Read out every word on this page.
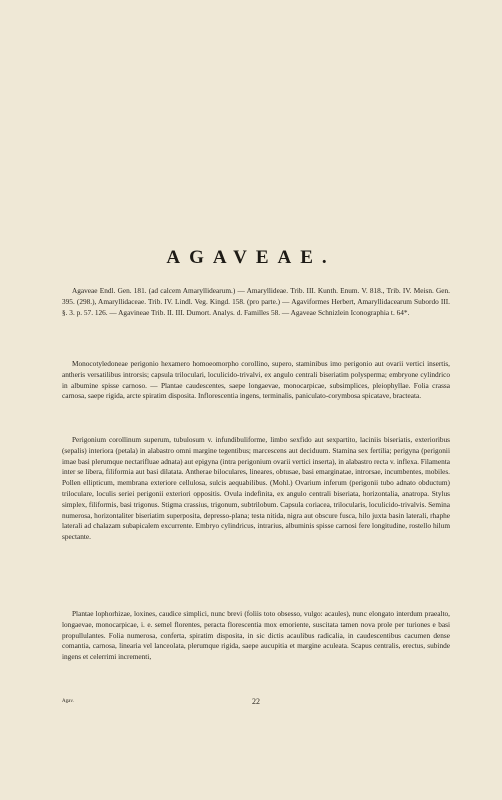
AGAVEAE.
Agaveae Endl. Gen. 181. (ad calcem Amaryllidearum.) — Amaryllideae. Trib. III. Kunth. Enum. V. 818., Trib. IV. Meisn. Gen. 395. (298.), Amaryllidaceae. Trib. IV. Lindl. Veg. Kingd. 158. (pro parte.) — Agaviformes Herbert, Amaryllidacearum Subordo III. §. 3. p. 57. 126. — Agavineae Trib. II. III. Dumort. Analys. d. Familles 58. — Agaveae Schnizlein Iconographia t. 64*.
Monocotyledoneae perigonio hexamero homoeomorpho corollino, supero, staminibus imo perigonio aut ovarii vertici insertis, antheris versatilibus introrsis; capsula triloculari, loculicido-trivalvi, ex angulo centrali biseriatim polysperma; embryone cylindrico in albumine spisse carnoso. — Plantae caudescentes, saepe longaevae, monocarpicae, subsimplices, pleiophyllae. Folia crassa carnosa, saepe rigida, arcte spiratim disposita. Inflorescentia ingens, terminalis, paniculato-corymbosa spicatave, bracteata.
Perigonium corollinum superum, tubulosum v. infundibuliforme, limbo sexfido aut sexpartito, laciniis biseriatis, exterioribus (sepalis) interiora (petala) in alabastro omni margine tegentibus; marcescens aut deciduum. Stamina sex fertilia; perigyna (perigonii imae basi plerumque nectarifluae adnata) aut epigyna (intra perigonium ovarii vertici inserta), in alabastro recta v. inflexa. Filamenta inter se libera, filiformia aut basi dilatata. Antherae biloculares, lineares, obtusae, basi emarginatae, introrsae, incumbentes, mobiles. Pollen ellipticum, membrana exteriore cellulosa, sulcis aequabilibus. (Mohl.) Ovarium inferum (perigonii tubo adnato obductum) triloculare, loculis seriei perigonii exteriori oppositis. Ovula indefinita, ex angulo centrali biseriata, horizontalia, anatropa. Stylus simplex, filiformis, basi trigonus. Stigma crassius, trigonum, subtrilobum. Capsula coriacea, trilocularis, loculicido-trivalvis. Semina numerosa, horizontaliter biseriatim superposita, depresso-plana; testa nitida, nigra aut obscure fusca, hilo juxta basin laterali, rhaphe laterali ad chalazam subapicalem excurrente. Embryo cylindricus, intrarius, albuminis spisse carnosi fere longitudine, rostello hilum spectante.
Plantae lophorhizae, loxines, caudice simplici, nunc brevi (foliis toto obsesso, vulgo: acaules), nunc elongato interdum praealto, longaevae, monocarpicae, i. e. semel florentes, peracta florescentia mox emoriente, suscitata tamen nova prole per turiones e basi propullulantes. Folia numerosa, conferta, spiratim disposita, in sic dictis acaulibus radicalia, in caudescentibus cacumen dense comantia, carnosa, linearia vel lanceolata, plerumque rigida, saepe aucupitia et margine aculeata. Scapus centralis, erectus, subinde ingens et celerrimi incrementi,
Agav.	22
